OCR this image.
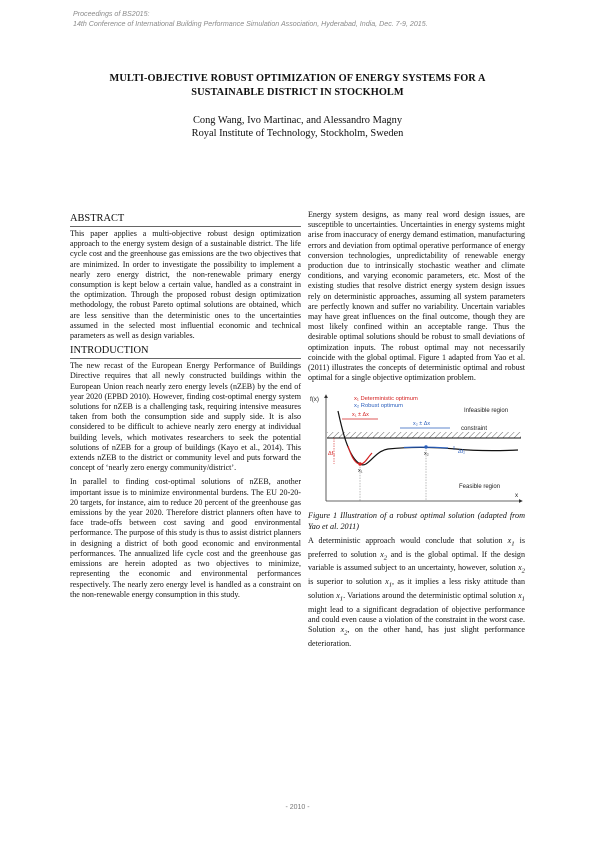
Proceedings of BS2015:
14th Conference of International Building Performance Simulation Association, Hyderabad, India, Dec. 7-9, 2015.
MULTI-OBJECTIVE ROBUST OPTIMIZATION OF ENERGY SYSTEMS FOR A
SUSTAINABLE DISTRICT IN STOCKHOLM
Cong Wang, Ivo Martinac, and Alessandro Magny
Royal Institute of Technology, Stockholm, Sweden
ABSTRACT

This paper applies a multi-objective robust design optimization approach to the energy system design of a sustainable district. The life cycle cost and the greenhouse gas emissions are the two objectives that are minimized. In order to investigate the possibility to implement a nearly zero energy district, the non-renewable primary energy consumption is kept below a certain value, handled as a constraint in the optimization. Through the proposed robust design optimization methodology, the robust Pareto optimal solutions are obtained, which are less sensitive than the deterministic ones to the uncertainties assumed in the selected most influential economic and technical parameters as well as design variables.

INTRODUCTION

The new recast of the European Energy Performance of Buildings Directive requires that all newly constructed buildings within the European Union reach nearly zero energy levels (nZEB) by the end of year 2020 (EPBD 2010). However, finding cost-optimal energy system solutions for nZEB is a challenging task, requiring intensive measures taken from both the consumption side and supply side. It is also considered to be difficult to achieve nearly zero energy at individual building levels, which motivates researchers to seek the potential solutions of nZEB for a group of buildings (Kayo et al., 2014). This extends nZEB to the district or community level and puts forward the concept of ‘nearly zero energy community/district’.

In parallel to finding cost-optimal solutions of nZEB, another important issue is to minimize environmental burdens. The EU 20-20-20 targets, for instance, aim to reduce 20 percent of the greenhouse gas emissions by the year 2020. Therefore district planners often have to face trade-offs between cost saving and good environmental performance. The purpose of this study is thus to assist district planners in designing a district of both good economic and environmental performances. The annualized life cycle cost and the greenhouse gas emissions are herein adopted as two objectives to minimize, representing the economic and environmental performances respectively. The nearly zero energy level is handled as a constraint on the non-renewable energy consumption in this study.

Energy system designs, as many real word design issues, are susceptible to uncertainties. Uncertainties in energy systems might arise from inaccuracy of energy demand estimation, manufacturing errors and deviation from optimal operative performance of energy conversion technologies, unpredictability of renewable energy production due to intrinsically stochastic weather and climate conditions, and varying economic parameters, etc. Most of the existing studies that resolve district energy system design issues rely on deterministic approaches, assuming all system parameters are perfectly known and suffer no variability. Uncertain variables may have great influences on the final outcome, though they are most likely confined within an acceptable range. Thus the desirable optimal solutions should be robust to small deviations of optimization inputs. The robust optimal may not necessarily coincide with the global optimal. Figure 1 adapted from Yao et al. (2011) illustrates the concepts of deterministic optimal and robust optimal for a single objective optimization problem.

f(x)
x
Infeasible region
constraint
Feasible region
x₁ Deterministic optimum
x₂ Robust optimum
x₁ ± Δx
x₂ ± Δx
Δf₁	Δf₂
x₁
x₂

Figure 1 Illustration of a robust optimal solution (adapted from Yao et al. 2011)

A deterministic approach would conclude that solution $x_1$ is preferred to solution $x_2$ and is the global optimal. If the design variable is assumed subject to an uncertainty, however, solution $x_2$ is superior to solution $x_1$, as it implies a less risky attitude than solution $x_1$. Variations around the deterministic optimal solution $x_1$ might lead to a significant degradation of objective performance and could even cause a violation of the constraint in the worst case. Solution $x_2$, on the other hand, has just slight performance deterioration.

- 2010 -
